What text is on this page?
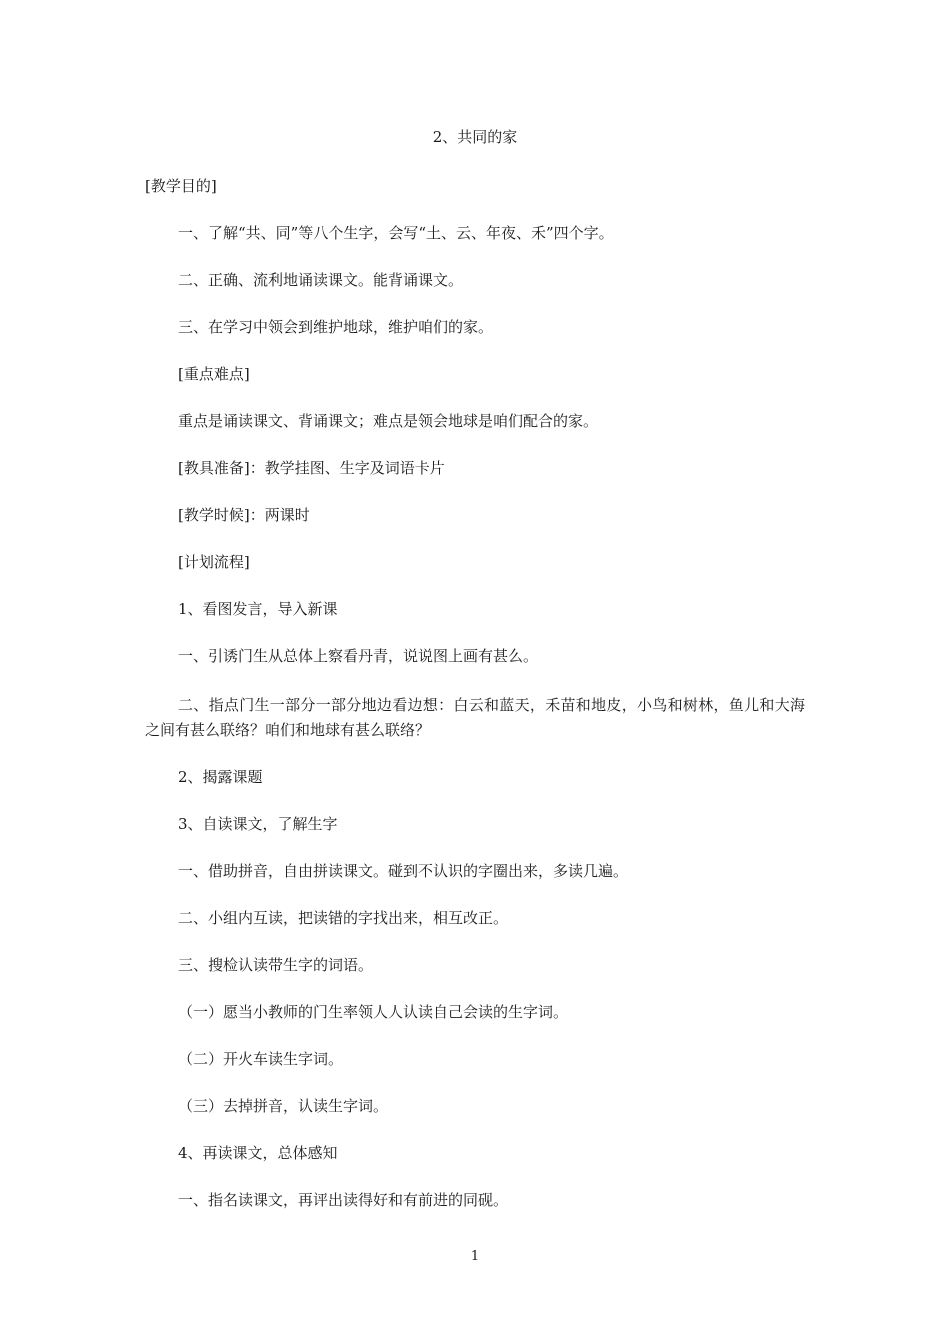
2、共同的家
[教学目的]
一、了解“共、同”等八个生字，会写“土、云、年夜、禾”四个字。
二、正确、流利地诵读课文。能背诵课文。
三、在学习中领会到维护地球，维护咱们的家。
[重点难点]
重点是诵读课文、背诵课文；难点是领会地球是咱们配合的家。
[教具准备]：教学挂图、生字及词语卡片
[教学时候]：两课时
[计划流程]
1、看图发言，导入新课
一、引诱门生从总体上察看丹青，说说图上画有甚么。
二、指点门生一部分一部分地边看边想：白云和蓝天，禾苗和地皮，小鸟和树林，鱼儿和大海之间有甚么联络？咱们和地球有甚么联络？
2、揭露课题
3、自读课文，了解生字
一、借助拼音，自由拼读课文。碰到不认识的字圈出来，多读几遍。
二、小组内互读，把读错的字找出来，相互改正。
三、搜检认读带生字的词语。
（一）愿当小教师的门生率领人人认读自己会读的生字词。
（二）开火车读生字词。
（三）去掉拼音，认读生字词。
4、再读课文，总体感知
一、指名读课文，再评出读得好和有前进的同砚。
1
